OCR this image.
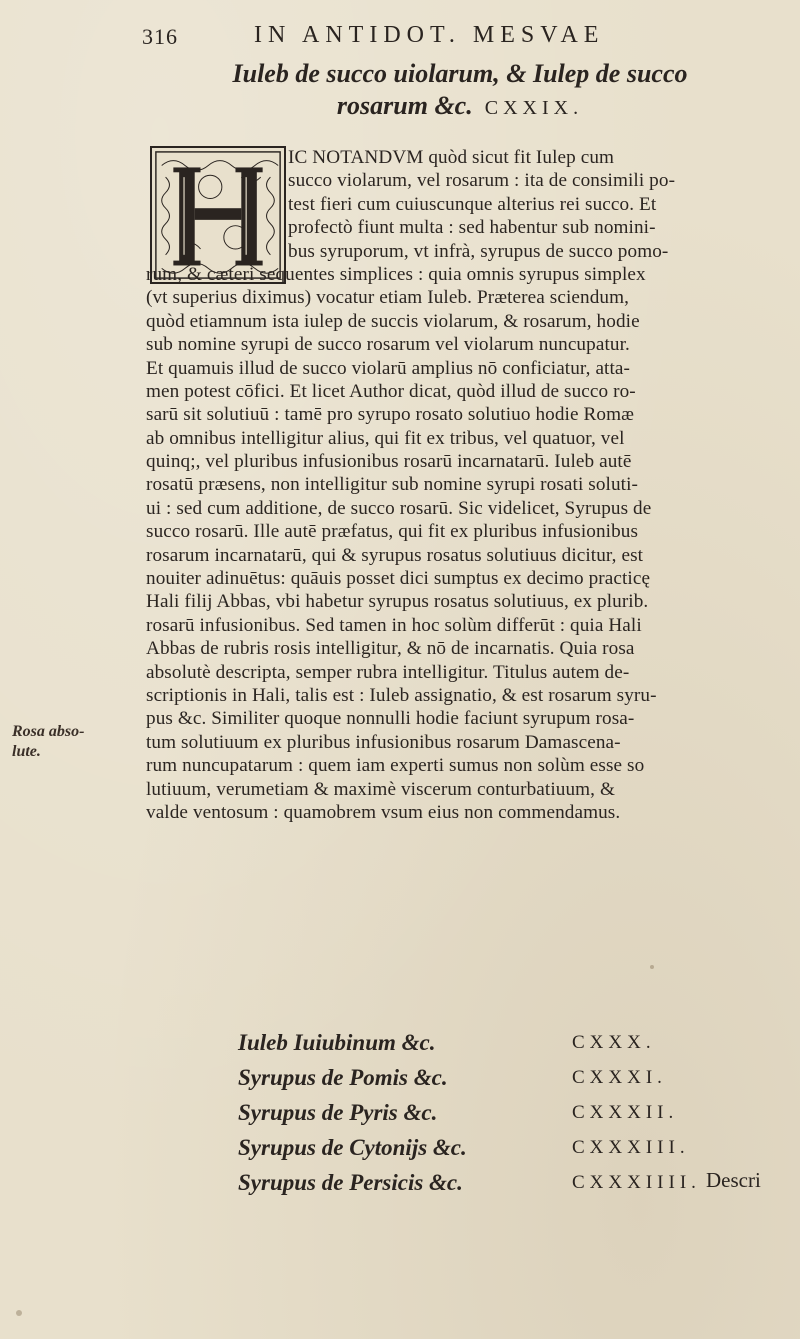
316	IN ANTIDOT. MESVAE
Iuleb de succo uiolarum, & Iulep de succo
rosarum &c. CXXIX.
IC NOTANDVM quòd sicut fit Iulep cum
succo violarum, vel rosarum : ita de consimili po-
test fieri cum cuiuscunque alterius rei succo. Et
profectò fiunt multa : sed habentur sub nomini-
bus syruporum, vt infrà, syrupus de succo pomo-
rum, & cæteri sequentes simplices : quia omnis syrupus simplex
(vt superius diximus) vocatur etiam Iuleb. Præterea sciendum,
quòd etiamnum ista iulep de succis violarum, & rosarum, hodie
sub nomine syrupi de succo rosarum vel violarum nuncupatur.
Et quamuis illud de succo violarū amplius nō conficiatur, atta-
men potest cōfici. Et licet Author dicat, quòd illud de succo ro-
sarū sit solutiuū : tamē pro syrupo rosato solutiuo hodie Romæ
ab omnibus intelligitur alius, qui fit ex tribus, vel quatuor, vel
quinq;, vel pluribus infusionibus rosarū incarnatarū. Iuleb autē
rosatū præsens, non intelligitur sub nomine syrupi rosati soluti-
ui : sed cum additione, de succo rosarū. Sic videlicet, Syrupus de
succo rosarū. Ille autē præfatus, qui fit ex pluribus infusionibus
rosarum incarnatarū, qui & syrupus rosatus solutiuus dicitur, est
nouiter adinuētus: quāuis posset dici sumptus ex decimo practicę
Hali filij Abbas, vbi habetur syrupus rosatus solutiuus, ex plurib.
rosarū infusionibus. Sed tamen in hoc solùm differūt : quia Hali
Abbas de rubris rosis intelligitur, & nō de incarnatis. Quia rosa
absolutè descripta, semper rubra intelligitur. Titulus autem de-
scriptionis in Hali, talis est : Iuleb assignatio, & est rosarum syru-
pus &c. Similiter quoque nonnulli hodie faciunt syrupum rosa-
tum solutiuum ex pluribus infusionibus rosarum Damascena-
rum nuncupatarum : quem iam experti sumus non solùm esse so
lutiuum, verumetiam & maximè viscerum conturbatiuum, &
valde ventosum : quamobrem vsum eius non commendamus.
Rosa abso-
lute.
Iuleb Iuiubinum &c.	CXXX.
Syrupus de Pomis &c.	CXXXI.
Syrupus de Pyris &c.	CXXXII.
Syrupus de Cytonijs &c.	CXXXIII.
Syrupus de Persicis &c.	CXXXIIII. Descri
